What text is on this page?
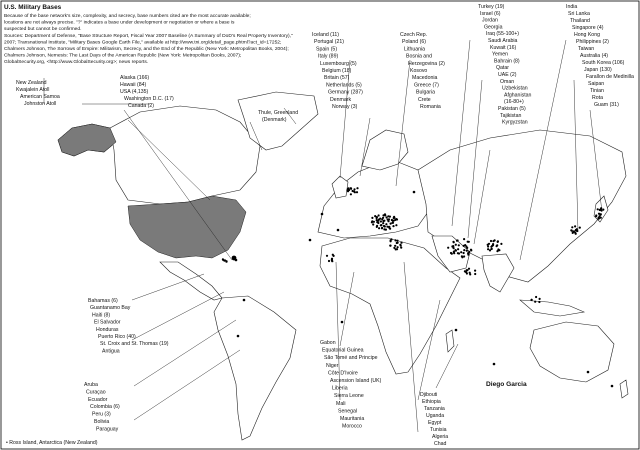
U.S. Military Bases
Because of the base network's size, complexity, and secrecy, base numbers cited are the most accurate available;
locations are not always precise. "?" indicates a base under development or negotiation or where a base is
suspected but cannot be confirmed.
Sources: Department of Defense, "Base Structure Report, Fiscal Year 2007 Baseline (A Summary of DoD's Real Property Inventory),"
2007; Transnational Institute, "Military Bases Google Earth File," available at http://www.tni.org/detail_page.phtml?act_id=17252;
Chalmers Johnson, The Sorrows of Empire: Militarism, Secrecy, and the End of the Republic (New York: Metropolitan Books, 2004);
Chalmers Johnson, Nemesis: The Last Days of the American Republic (New York: Metropolitan Books, 2007);
GlobalSecurity.org, <http://www.GlobalSecurity.org>; news reports.
New Zealand
Kwajalein Atoll
American Samoa
Johnston Atoll
Alaska (166)
Hawaii (84)
USA (4,135)
Washington D.C. (17)
Canada (2)
Thule, Greenland
(Denmark)
Iceland (11)
Portugal (21)
Spain (5)
Italy (89)
Luxembourg (5)
Belgium (18)
Britain (57)
Netherlands (5)
Germany (287)
Denmark
Norway (3)
Czech Rep.
Poland (6)
Lithuania
Bosnia and
Herzegovina (2)
Kosovo
Macedonia
Greece (7)
Bulgaria
Crete
Romania
Turkey (19)
Israel (6)
Jordan
Georgia
Iraq (55-100+)
Saudi Arabia
Kuwait (16)
Yemen
Bahrain (8)
Qatar
UAE (2)
Oman
Uzbekistan
Afghanistan
(16-80+)
Pakistan (5)
Tajikistan
Kyrgyzstan
India
Sri Lanka
Thailand
Singapore (4)
Hong Kong
Philippines (2)
Taiwan
Australia (4)
South Korea (106)
Japan (130)
Farallon de Medinilla
Saipan
Tinian
Rota
Guam (31)
Bahamas (6)
Guantanamo Bay
Haiti (8)
El Salvador
Honduras
Puerto Rico (40)
St. Croix and St. Thomas (19)
Antigua
Aruba
Curaçao
Ecuador
Colombia (6)
Peru (3)
Bolivia
Paraguay
Gabon
Equatorial Guinea
São Tomé and Principe
Niger
Côte D'Ivoire
Ascension Island (UK)
Liberia
Sierra Leone
Mali
Senegal
Mauritania
Morocco
Djibouti
Ethiopia
Tanzania
Uganda
Egypt
Tunisia
Algeria
Chad
Diego Garcia
• Ross Island, Antarctica (New Zealand)
